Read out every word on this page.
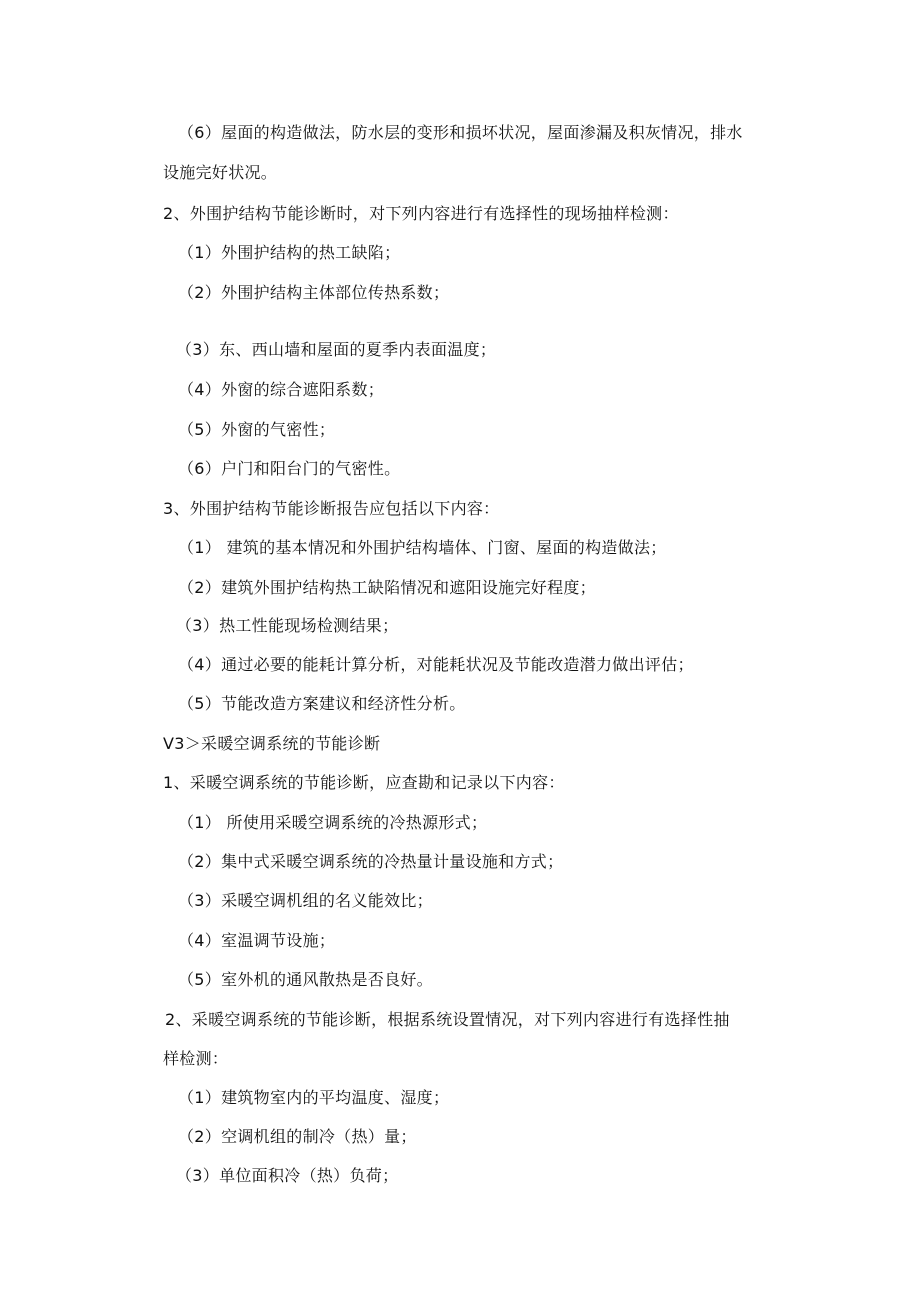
（6）屋面的构造做法，防水层的变形和损坏状况，屋面渗漏及积灰情况，排水
设施完好状况。
2、外围护结构节能诊断时，对下列内容进行有选择性的现场抽样检测：
（1）外围护结构的热工缺陷；
（2）外围护结构主体部位传热系数；
（3）东、西山墙和屋面的夏季内表面温度；
（4）外窗的综合遮阳系数；
（5）外窗的气密性；
（6）户门和阳台门的气密性。
3、外围护结构节能诊断报告应包括以下内容：
（1） 建筑的基本情况和外围护结构墙体、门窗、屋面的构造做法；
（2）建筑外围护结构热工缺陷情况和遮阳设施完好程度；
（3）热工性能现场检测结果；
（4）通过必要的能耗计算分析，对能耗状况及节能改造潜力做出评估；
（5）节能改造方案建议和经济性分析。
V3＞采暖空调系统的节能诊断
1、采暖空调系统的节能诊断，应查勘和记录以下内容：
（1） 所使用采暖空调系统的冷热源形式；
（2）集中式采暖空调系统的冷热量计量设施和方式；
（3）采暖空调机组的名义能效比；
（4）室温调节设施；
（5）室外机的通风散热是否良好。
2、采暖空调系统的节能诊断，根据系统设置情况，对下列内容进行有选择性抽
样检测：
（1）建筑物室内的平均温度、湿度；
（2）空调机组的制冷（热）量；
（3）单位面积冷（热）负荷；
